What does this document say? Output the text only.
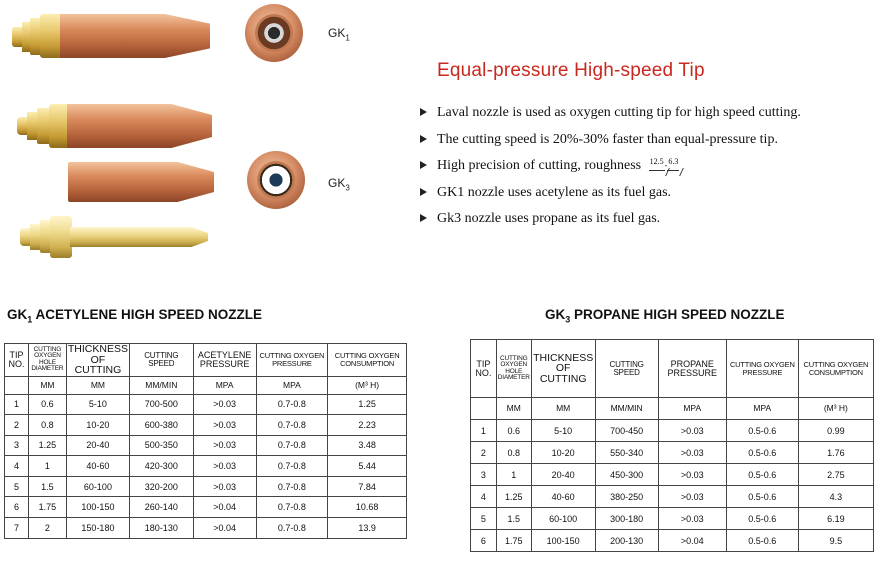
$GK_1$
$GK_3$
Equal-pressure High-speed Tip
Laval nozzle is used as oxygen cutting tip for high speed cutting.
The cutting speed is 20%-30% faster than equal-pressure tip.
High precision of cutting, roughness 12.5-6.3
GK1 nozzle uses acetylene as its fuel gas.
Gk3 nozzle uses propane as its fuel gas.
$GK_1$ ACETYLENE HIGH SPEED NOZZLE
TIP NO.	CUTTING OXYGEN HOLE DIAMETER	THICKNESS OF CUTTING	CUTTING SPEED	ACETYLENE PRESSURE	CUTTING OXYGEN PRESSURE	CUTTING OXYGEN CONSUMPTION
	MM	MM	MM/MIN	MPA	MPA	(M³ H)
1	0.6	5-10	700-500	>0.03	0.7-0.8	1.25
2	0.8	10-20	600-380	>0.03	0.7-0.8	2.23
3	1.25	20-40	500-350	>0.03	0.7-0.8	3.48
4	1	40-60	420-300	>0.03	0.7-0.8	5.44
5	1.5	60-100	320-200	>0.03	0.7-0.8	7.84
6	1.75	100-150	260-140	>0.04	0.7-0.8	10.68
7	2	150-180	180-130	>0.04	0.7-0.8	13.9
$GK_3$ PROPANE HIGH SPEED NOZZLE
TIP NO.	CUTTING OXYGEN HOLE DIAMETER	THICKNESS OF CUTTING	CUTTING SPEED	PROPANE PRESSURE	CUTTING OXYGEN PRESSURE	CUTTING OXYGEN CONSUMPTION
	MM	MM	MM/MIN	MPA	MPA	(M³ H)
1	0.6	5-10	700-450	>0.03	0.5-0.6	0.99
2	0.8	10-20	550-340	>0.03	0.5-0.6	1.76
3	1	20-40	450-300	>0.03	0.5-0.6	2.75
4	1.25	40-60	380-250	>0.03	0.5-0.6	4.3
5	1.5	60-100	300-180	>0.03	0.5-0.6	6.19
6	1.75	100-150	200-130	>0.04	0.5-0.6	9.5
